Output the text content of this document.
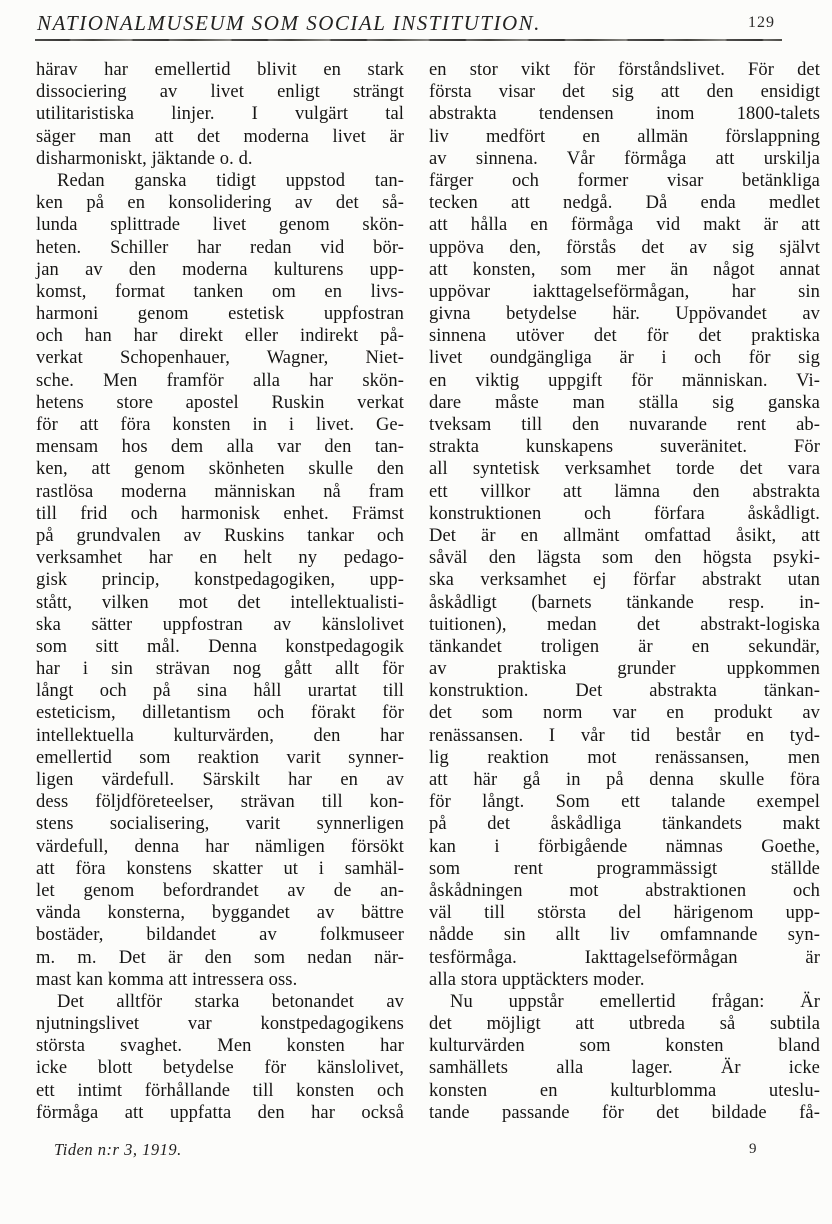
NATIONALMUSEUM SOM SOCIAL INSTITUTION.	129
härav har emellertid blivit en stark
dissociering av livet enligt strängt
utilitaristiska linjer. I vulgärt tal
säger man att det moderna livet är
disharmoniskt, jäktande o. d.
Redan ganska tidigt uppstod tan-
ken på en konsolidering av det så-
lunda splittrade livet genom skön-
heten. Schiller har redan vid bör-
jan av den moderna kulturens upp-
komst, format tanken om en livs-
harmoni genom estetisk uppfostran
och han har direkt eller indirekt på-
verkat Schopenhauer, Wagner, Niet-
sche. Men framför alla har skön-
hetens store apostel Ruskin verkat
för att föra konsten in i livet. Ge-
mensam hos dem alla var den tan-
ken, att genom skönheten skulle den
rastlösa moderna människan nå fram
till frid och harmonisk enhet. Främst
på grundvalen av Ruskins tankar och
verksamhet har en helt ny pedago-
gisk princip, konstpedagogiken, upp-
stått, vilken mot det intellektualisti-
ska sätter uppfostran av känslolivet
som sitt mål. Denna konstpedagogik
har i sin strävan nog gått allt för
långt och på sina håll urartat till
esteticism, dilletantism och förakt för
intellektuella kulturvärden, den har
emellertid som reaktion varit synner-
ligen värdefull. Särskilt har en av
dess följdföreteelser, strävan till kon-
stens socialisering, varit synnerligen
värdefull, denna har nämligen försökt
att föra konstens skatter ut i samhäl-
let genom befordrandet av de an-
vända konsterna, byggandet av bättre
bostäder, bildandet av folkmuseer
m. m. Det är den som nedan när-
mast kan komma att intressera oss.
Det alltför starka betonandet av
njutningslivet var konstpedagogikens
största svaghet. Men konsten har
icke blott betydelse för känslolivet,
ett intimt förhållande till konsten och
förmåga att uppfatta den har också
en stor vikt för förståndslivet. För det
första visar det sig att den ensidigt
abstrakta tendensen inom 1800-talets
liv medfört en allmän förslappning
av sinnena. Vår förmåga att urskilja
färger och former visar betänkliga
tecken att nedgå. Då enda medlet
att hålla en förmåga vid makt är att
uppöva den, förstås det av sig självt
att konsten, som mer än något annat
uppövar iakttagelseförmågan, har sin
givna betydelse här. Uppövandet av
sinnena utöver det för det praktiska
livet oundgängliga är i och för sig
en viktig uppgift för människan. Vi-
dare måste man ställa sig ganska
tveksam till den nuvarande rent ab-
strakta kunskapens suveränitet. För
all syntetisk verksamhet torde det vara
ett villkor att lämna den abstrakta
konstruktionen och förfara åskådligt.
Det är en allmänt omfattad åsikt, att
såväl den lägsta som den högsta psyki-
ska verksamhet ej förfar abstrakt utan
åskådligt (barnets tänkande resp. in-
tuitionen), medan det abstrakt-logiska
tänkandet troligen är en sekundär,
av praktiska grunder uppkommen
konstruktion. Det abstrakta tänkan-
det som norm var en produkt av
renässansen. I vår tid består en tyd-
lig reaktion mot renässansen, men
att här gå in på denna skulle föra
för långt. Som ett talande exempel
på det åskådliga tänkandets makt
kan i förbigående nämnas Goethe,
som rent programmässigt ställde
åskådningen mot abstraktionen och
väl till största del härigenom upp-
nådde sin allt liv omfamnande syn-
tesförmåga. Iakttagelseförmågan är
alla stora upptäckters moder.
Nu uppstår emellertid frågan: Är
det möjligt att utbreda så subtila
kulturvärden som konsten bland
samhällets alla lager. Är icke
konsten en kulturblomma uteslu-
tande passande för det bildade få-
Tiden n:r 3, 1919.	9
